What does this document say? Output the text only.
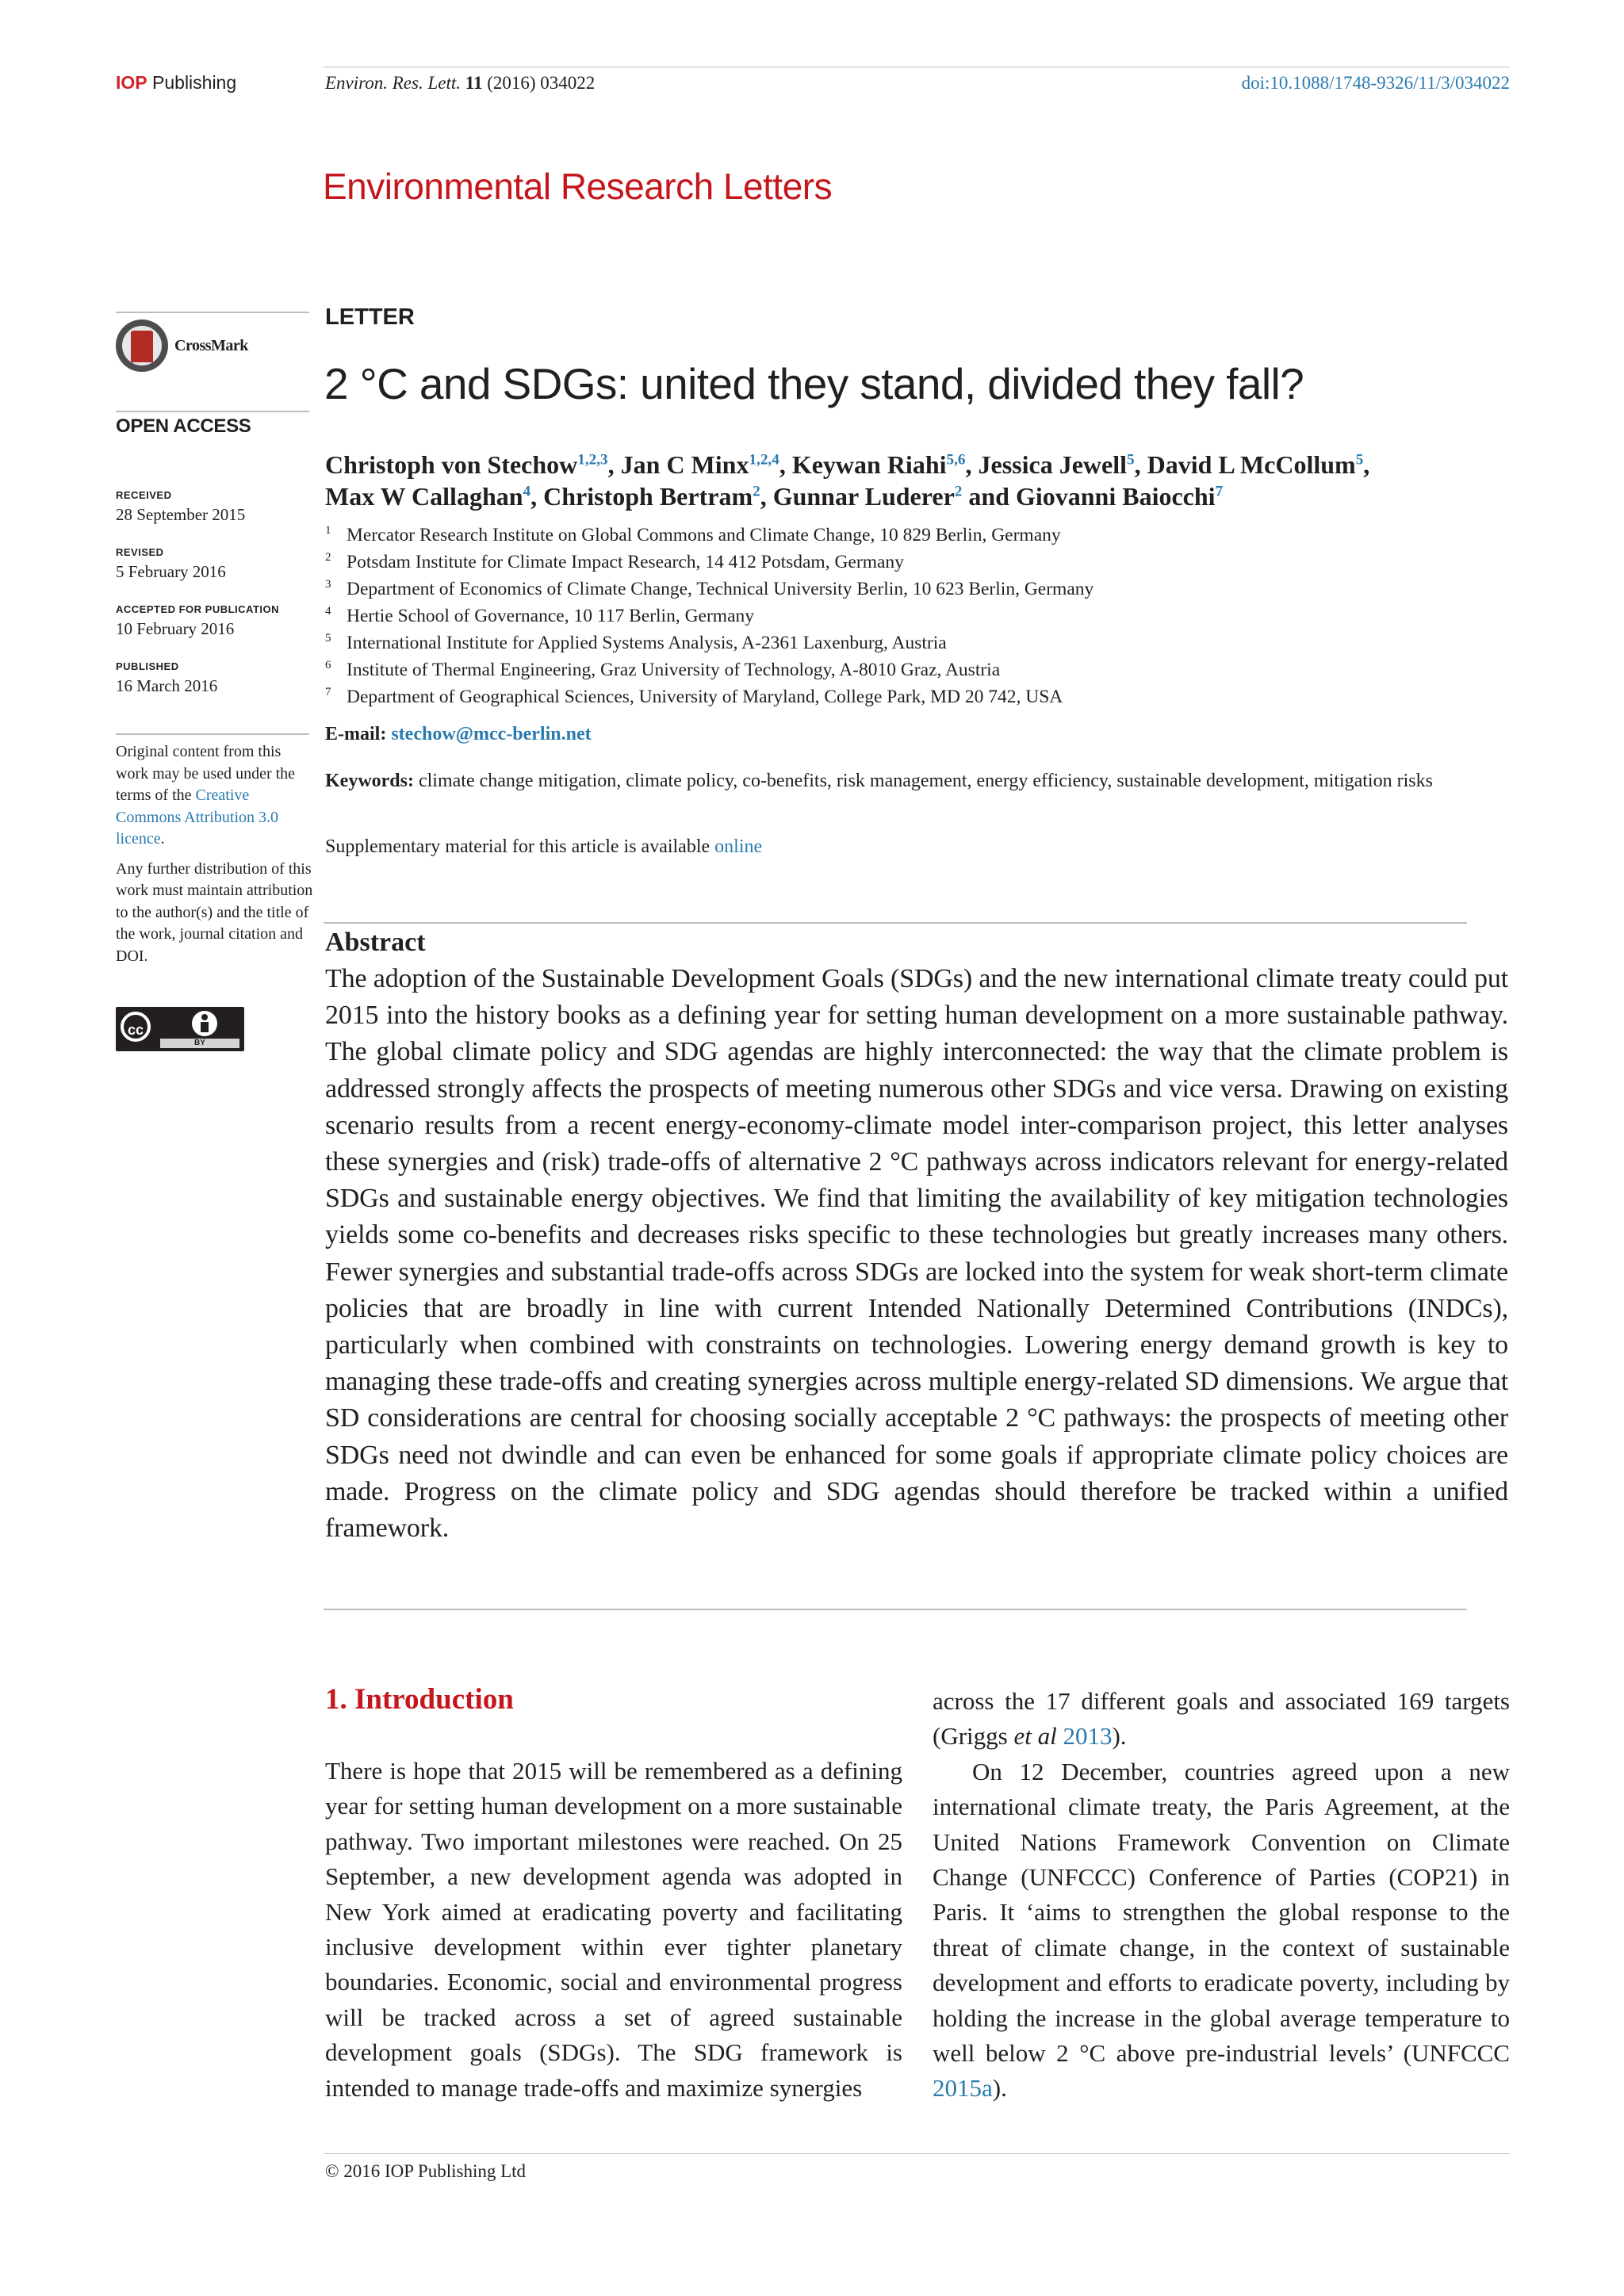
IOP Publishing	Environ. Res. Lett. 11 (2016) 034022	doi:10.1088/1748-9326/11/3/034022
Environmental Research Letters
CrossMark
OPEN ACCESS
RECEIVED
28 September 2015
REVISED
5 February 2016
ACCEPTED FOR PUBLICATION
10 February 2016
PUBLISHED
16 March 2016

Original content from this work may be used under the terms of the Creative Commons Attribution 3.0 licence.

Any further distribution of this work must maintain attribution to the author(s) and the title of the work, journal citation and DOI.

cc
BY
LETTER
2 °C and SDGs: united they stand, divided they fall?
Christoph von Stechow$^{1,2,3}$, Jan C Minx$^{1,2,4}$, Keywan Riahi$^{5,6}$, Jessica Jewell$^5$, David L McCollum$^5$,
Max W Callaghan$^4$, Christoph Bertram$^2$, Gunnar Luderer$^2$ and Giovanni Baiocchi$^7$
1 Mercator Research Institute on Global Commons and Climate Change, 10 829 Berlin, Germany
2 Potsdam Institute for Climate Impact Research, 14 412 Potsdam, Germany
3 Department of Economics of Climate Change, Technical University Berlin, 10 623 Berlin, Germany
4 Hertie School of Governance, 10 117 Berlin, Germany
5 International Institute for Applied Systems Analysis, A-2361 Laxenburg, Austria
6 Institute of Thermal Engineering, Graz University of Technology, A-8010 Graz, Austria
7 Department of Geographical Sciences, University of Maryland, College Park, MD 20 742, USA
E-mail: stechow@mcc-berlin.net
Keywords: climate change mitigation, climate policy, co-benefits, risk management, energy efficiency, sustainable development, mitigation risks
Supplementary material for this article is available online
Abstract
The adoption of the Sustainable Development Goals (SDGs) and the new international climate treaty could put 2015 into the history books as a defining year for setting human development on a more sustainable pathway. The global climate policy and SDG agendas are highly interconnected: the way that the climate problem is addressed strongly affects the prospects of meeting numerous other SDGs and vice versa. Drawing on existing scenario results from a recent energy-economy-climate model inter-comparison project, this letter analyses these synergies and (risk) trade-offs of alternative 2 °C pathways across indicators relevant for energy-related SDGs and sustainable energy objectives. We find that limiting the availability of key mitigation technologies yields some co-benefits and decreases risks specific to these technologies but greatly increases many others. Fewer synergies and substantial trade-offs across SDGs are locked into the system for weak short-term climate policies that are broadly in line with current Intended Nationally Determined Contributions (INDCs), particularly when combined with constraints on technologies. Lowering energy demand growth is key to managing these trade-offs and creating synergies across multiple energy-related SD dimensions. We argue that SD considerations are central for choosing socially acceptable 2 °C pathways: the prospects of meeting other SDGs need not dwindle and can even be enhanced for some goals if appropriate climate policy choices are made. Progress on the climate policy and SDG agendas should therefore be tracked within a unified framework.
1. Introduction

There is hope that 2015 will be remembered as a defining year for setting human development on a more sustainable pathway. Two important milestones were reached. On 25 September, a new development agenda was adopted in New York aimed at eradicating poverty and facilitating inclusive development within ever tighter planetary boundaries. Economic, social and environmental progress will be tracked across a set of agreed sustainable development goals (SDGs). The SDG framework is intended to manage trade-offs and maximize synergies

across the 17 different goals and associated 169 targets (Griggs et al 2013).

On 12 December, countries agreed upon a new international climate treaty, the Paris Agreement, at the United Nations Framework Convention on Climate Change (UNFCCC) Conference of Parties (COP21) in Paris. It ‘aims to strengthen the global response to the threat of climate change, in the context of sustainable development and efforts to eradicate poverty, including by holding the increase in the global average temperature to well below 2 °C above pre-industrial levels’ (UNFCCC 2015a).

© 2016 IOP Publishing Ltd
